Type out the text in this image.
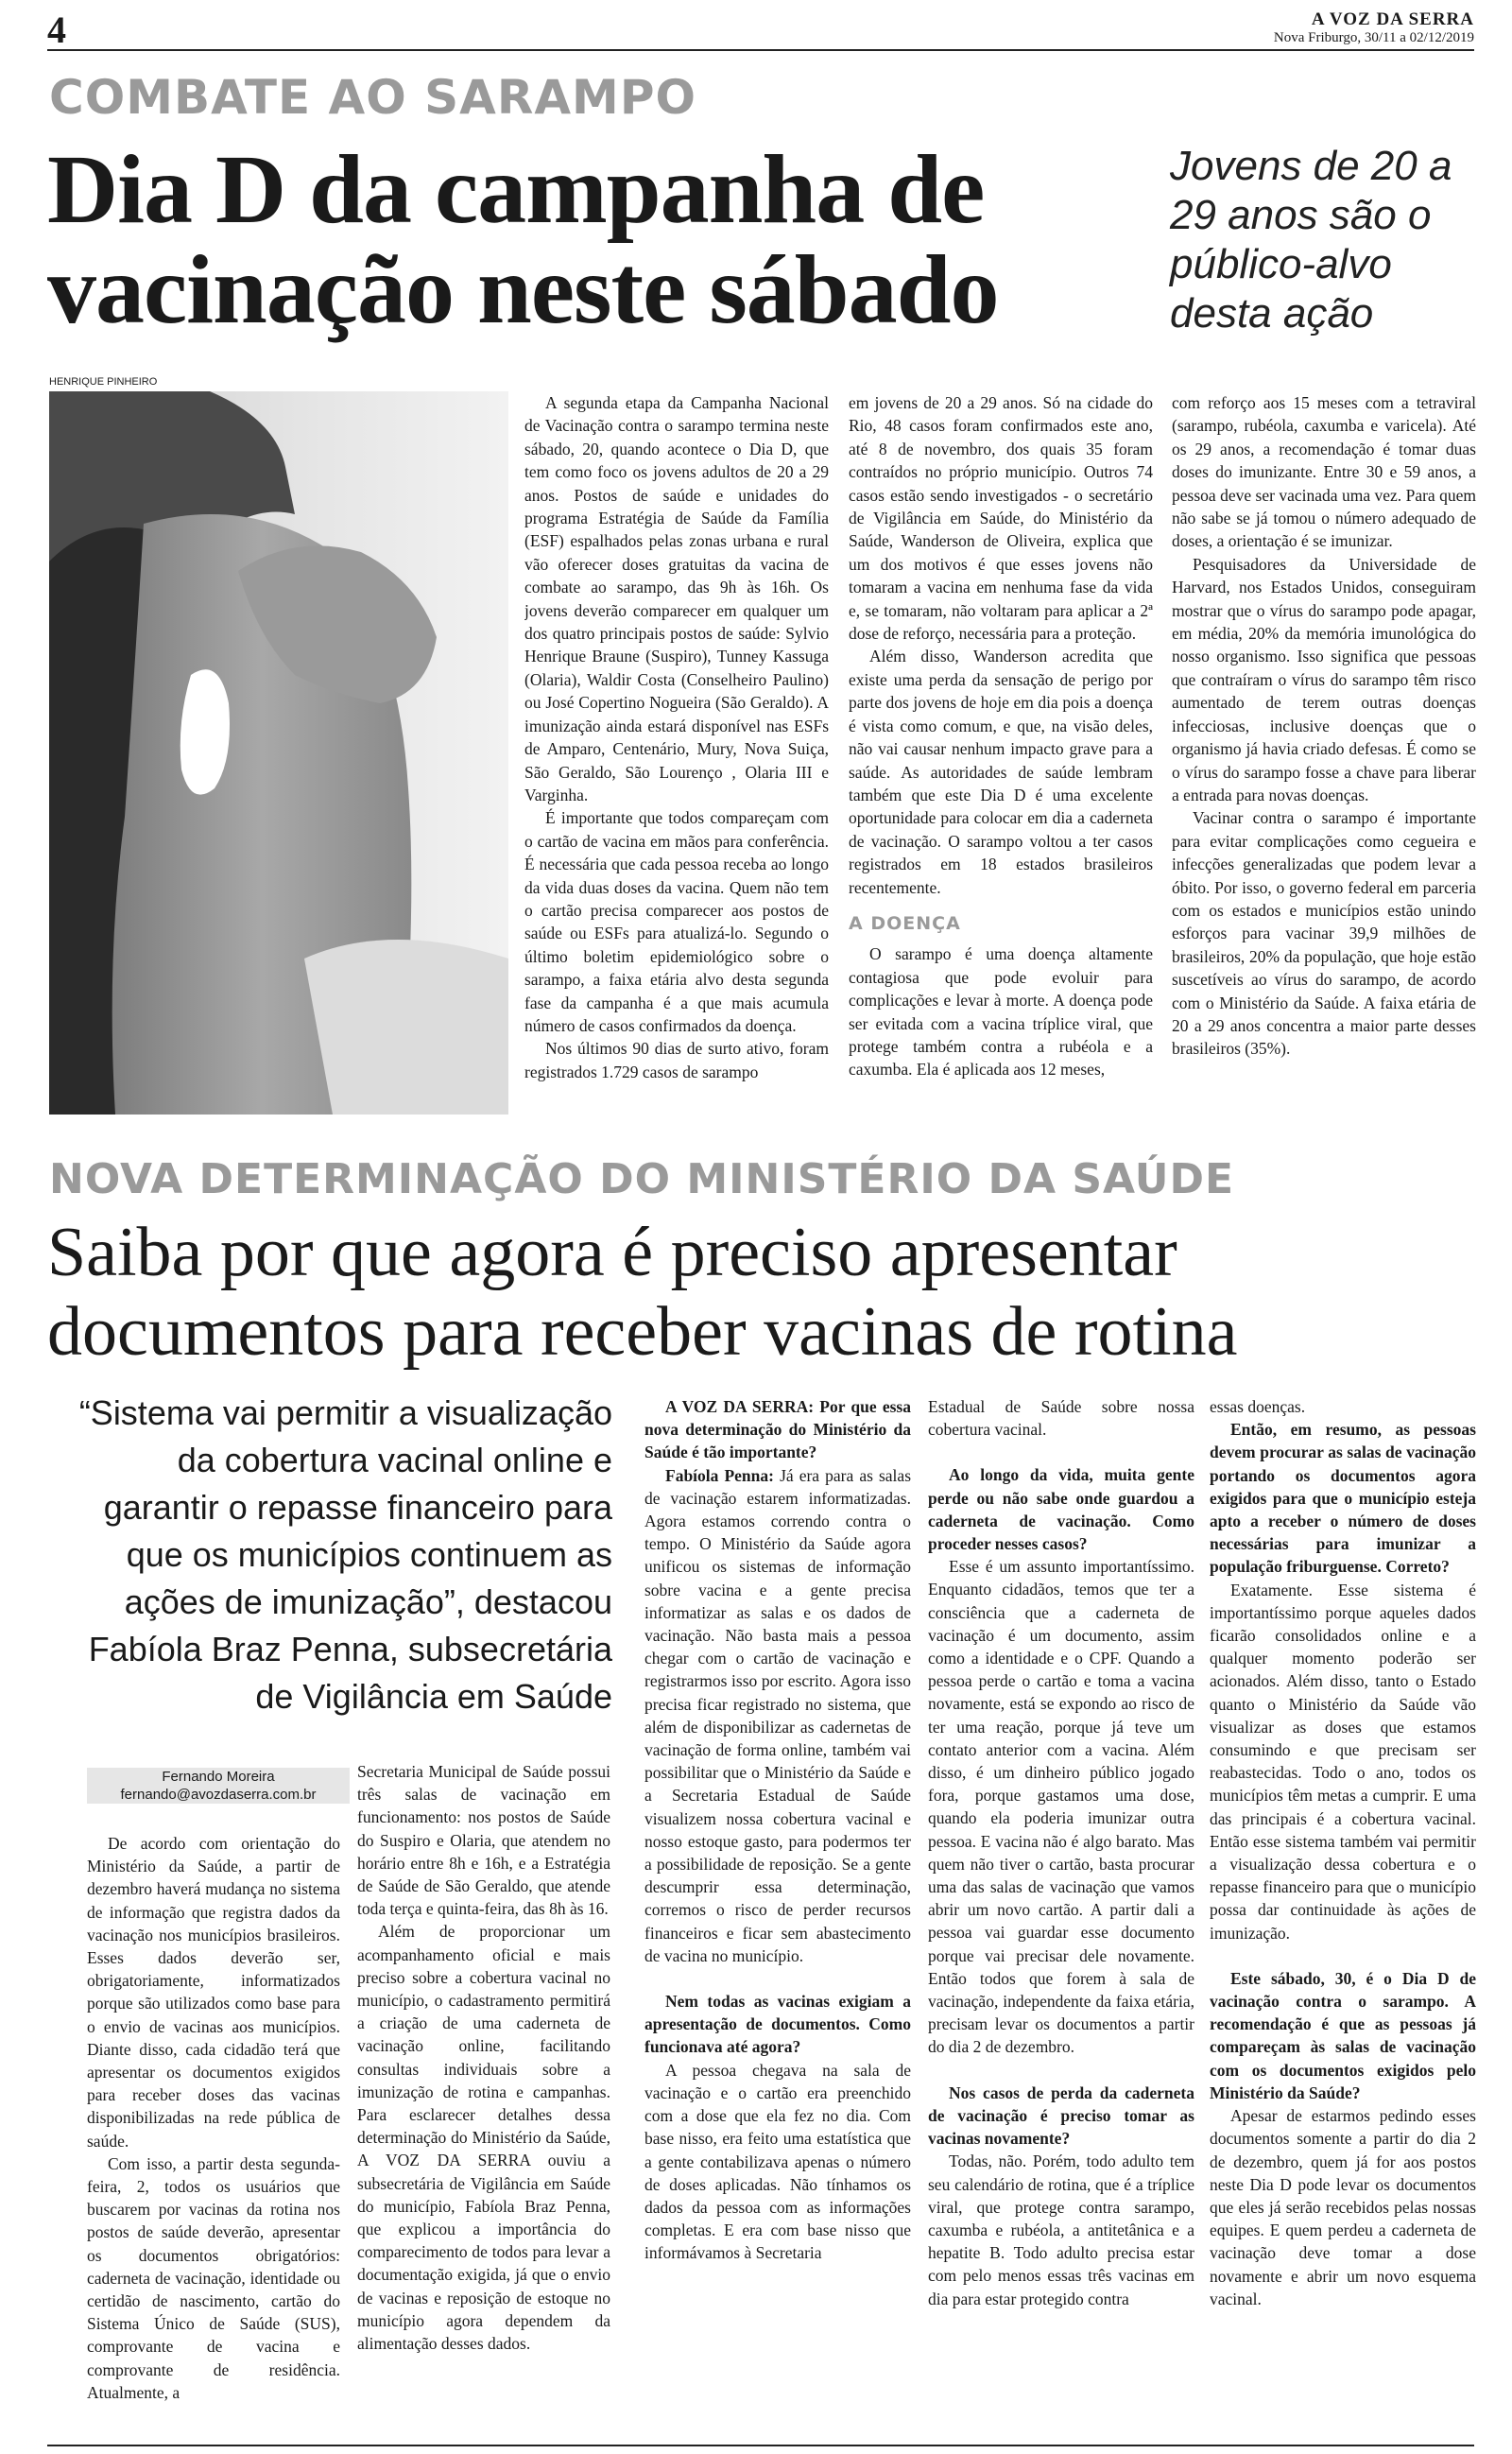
4	A VOZ DA SERRA
Nova Friburgo, 30/11 a 02/12/2019
COMBATE AO SARAMPO
Dia D da campanha de vacinação neste sábado
Jovens de 20 a 29 anos são o público-alvo desta ação
HENRIQUE PINHEIRO

A segunda etapa da Campanha Nacional de Vacinação contra o sarampo termina neste sábado, 20, quando acontece o Dia D, que tem como foco os jovens adultos de 20 a 29 anos. Postos de saúde e unidades do programa Estratégia de Saúde da Família (ESF) espalhados pelas zonas urbana e rural vão oferecer doses gratuitas da vacina de combate ao sarampo, das 9h às 16h. Os jovens deverão comparecer em qualquer um dos quatro principais postos de saúde: Sylvio Henrique Braune (Suspiro), Tunney Kassuga (Olaria), Waldir Costa (Conselheiro Paulino) ou José Copertino Nogueira (São Geraldo). A imunização ainda estará disponível nas ESFs de Amparo, Centenário, Mury, Nova Suiça, São Geraldo, São Lourenço , Olaria III e Varginha.

É importante que todos compareçam com o cartão de vacina em mãos para conferência. É necessária que cada pessoa receba ao longo da vida duas doses da vacina. Quem não tem o cartão precisa comparecer aos postos de saúde ou ESFs para atualizá-lo. Segundo o último boletim epidemiológico sobre o sarampo, a faixa etária alvo desta segunda fase da campanha é a que mais acumula número de casos confirmados da doença.

Nos últimos 90 dias de surto ativo, foram registrados 1.729 casos de sarampo

em jovens de 20 a 29 anos. Só na cidade do Rio, 48 casos foram confirmados este ano, até 8 de novembro, dos quais 35 foram contraídos no próprio município. Outros 74 casos estão sendo investigados - o secretário de Vigilância em Saúde, do Ministério da Saúde, Wanderson de Oliveira, explica que um dos motivos é que esses jovens não tomaram a vacina em nenhuma fase da vida e, se tomaram, não voltaram para aplicar a 2ª dose de reforço, necessária para a proteção.

Além disso, Wanderson acredita que existe uma perda da sensação de perigo por parte dos jovens de hoje em dia pois a doença é vista como comum, e que, na visão deles, não vai causar nenhum impacto grave para a saúde. As autoridades de saúde lembram também que este Dia D é uma excelente oportunidade para colocar em dia a caderneta de vacinação. O sarampo voltou a ter casos registrados em 18 estados brasileiros recentemente.

A DOENÇA

O sarampo é uma doença altamente contagiosa que pode evoluir para complicações e levar à morte. A doença pode ser evitada com a vacina tríplice viral, que protege também contra a rubéola e a caxumba. Ela é aplicada aos 12 meses,

com reforço aos 15 meses com a tetraviral (sarampo, rubéola, caxumba e varicela). Até os 29 anos, a recomendação é tomar duas doses do imunizante. Entre 30 e 59 anos, a pessoa deve ser vacinada uma vez. Para quem não sabe se já tomou o número adequado de doses, a orientação é se imunizar.

Pesquisadores da Universidade de Harvard, nos Estados Unidos, conseguiram mostrar que o vírus do sarampo pode apagar, em média, 20% da memória imunológica do nosso organismo. Isso significa que pessoas que contraíram o vírus do sarampo têm risco aumentado de terem outras doenças infecciosas, inclusive doenças que o organismo já havia criado defesas. É como se o vírus do sarampo fosse a chave para liberar a entrada para novas doenças.

Vacinar contra o sarampo é importante para evitar complicações como cegueira e infecções generalizadas que podem levar a óbito. Por isso, o governo federal em parceria com os estados e municípios estão unindo esforços para vacinar 39,9 milhões de brasileiros, 20% da população, que hoje estão suscetíveis ao vírus do sarampo, de acordo com o Ministério da Saúde. A faixa etária de 20 a 29 anos concentra a maior parte desses brasileiros (35%).

NOVA DETERMINAÇÃO DO MINISTÉRIO DA SAÚDE
Saiba por que agora é preciso apresentar documentos para receber vacinas de rotina
“Sistema vai permitir a visualização da cobertura vacinal online e garantir o repasse financeiro para que os municípios continuem as ações de imunização”, destacou Fabíola Braz Penna, subsecretária de Vigilância em Saúde
Fernando Moreira
fernando@avozdaserra.com.br

De acordo com orientação do Ministério da Saúde, a partir de dezembro haverá mudança no sistema de informação que registra dados da vacinação nos municípios brasileiros. Esses dados deverão ser, obrigatoriamente, informatizados porque são utilizados como base para o envio de vacinas aos municípios. Diante disso, cada cidadão terá que apresentar os documentos exigidos para receber doses das vacinas disponibilizadas na rede pública de saúde.

Com isso, a partir desta segunda-feira, 2, todos os usuários que buscarem por vacinas da rotina nos postos de saúde deverão, apresentar os documentos obrigatórios: caderneta de vacinação, identidade ou certidão de nascimento, cartão do Sistema Único de Saúde (SUS), comprovante de vacina e comprovante de residência. Atualmente, a

Secretaria Municipal de Saúde possui três salas de vacinação em funcionamento: nos postos de Saúde do Suspiro e Olaria, que atendem no horário entre 8h e 16h, e a Estratégia de Saúde de São Geraldo, que atende toda terça e quinta-feira, das 8h às 16.

Além de proporcionar um acompanhamento oficial e mais preciso sobre a cobertura vacinal no município, o cadastramento permitirá a criação de uma caderneta de vacinação online, facilitando consultas individuais sobre a imunização de rotina e campanhas. Para esclarecer detalhes dessa determinação do Ministério da Saúde, A VOZ DA SERRA ouviu a subsecretária de Vigilância em Saúde do município, Fabíola Braz Penna, que explicou a importância do comparecimento de todos para levar a documentação exigida, já que o envio de vacinas e reposição de estoque no município agora dependem da alimentação desses dados.

A VOZ DA SERRA: Por que essa nova determinação do Ministério da Saúde é tão importante?

Fabíola Penna: Já era para as salas de vacinação estarem informatizadas. Agora estamos correndo contra o tempo. O Ministério da Saúde agora unificou os sistemas de informação sobre vacina e a gente precisa informatizar as salas e os dados de vacinação. Não basta mais a pessoa chegar com o cartão de vacinação e registrarmos isso por escrito. Agora isso precisa ficar registrado no sistema, que além de disponibilizar as cadernetas de vacinação de forma online, também vai possibilitar que o Ministério da Saúde e a Secretaria Estadual de Saúde visualizem nossa cobertura vacinal e nosso estoque gasto, para podermos ter a possibilidade de reposição. Se a gente descumprir essa determinação, corremos o risco de perder recursos financeiros e ficar sem abastecimento de vacina no município.

Nem todas as vacinas exigiam a apresentação de documentos. Como funcionava até agora?

A pessoa chegava na sala de vacinação e o cartão era preenchido com a dose que ela fez no dia. Com base nisso, era feito uma estatística que a gente contabilizava apenas o número de doses aplicadas. Não tínhamos os dados da pessoa com as informações completas. E era com base nisso que informávamos à Secretaria

Estadual de Saúde sobre nossa cobertura vacinal.

Ao longo da vida, muita gente perde ou não sabe onde guardou a caderneta de vacinação. Como proceder nesses casos?

Esse é um assunto importantíssimo. Enquanto cidadãos, temos que ter a consciência que a caderneta de vacinação é um documento, assim como a identidade e o CPF. Quando a pessoa perde o cartão e toma a vacina novamente, está se expondo ao risco de ter uma reação, porque já teve um contato anterior com a vacina. Além disso, é um dinheiro público jogado fora, porque gastamos uma dose, quando ela poderia imunizar outra pessoa. E vacina não é algo barato. Mas quem não tiver o cartão, basta procurar uma das salas de vacinação que vamos abrir um novo cartão. A partir dali a pessoa vai guardar esse documento porque vai precisar dele novamente. Então todos que forem à sala de vacinação, independente da faixa etária, precisam levar os documentos a partir do dia 2 de dezembro.

Nos casos de perda da caderneta de vacinação é preciso tomar as vacinas novamente?

Todas, não. Porém, todo adulto tem seu calendário de rotina, que é a tríplice viral, que protege contra sarampo, caxumba e rubéola, a antitetânica e a hepatite B. Todo adulto precisa estar com pelo menos essas três vacinas em dia para estar protegido contra

essas doenças.

Então, em resumo, as pessoas devem procurar as salas de vacinação portando os documentos agora exigidos para que o município esteja apto a receber o número de doses necessárias para imunizar a população friburguense. Correto?

Exatamente. Esse sistema é importantíssimo porque aqueles dados ficarão consolidados online e a qualquer momento poderão ser acionados. Além disso, tanto o Estado quanto o Ministério da Saúde vão visualizar as doses que estamos consumindo e que precisam ser reabastecidas. Todo o ano, todos os municípios têm metas a cumprir. E uma das principais é a cobertura vacinal. Então esse sistema também vai permitir a visualização dessa cobertura e o repasse financeiro para que o município possa dar continuidade às ações de imunização.

Este sábado, 30, é o Dia D de vacinação contra o sarampo. A recomendação é que as pessoas já compareçam às salas de vacinação com os documentos exigidos pelo Ministério da Saúde?

Apesar de estarmos pedindo esses documentos somente a partir do dia 2 de dezembro, quem já for aos postos neste Dia D pode levar os documentos que eles já serão recebidos pelas nossas equipes. E quem perdeu a caderneta de vacinação deve tomar a dose novamente e abrir um novo esquema vacinal.
